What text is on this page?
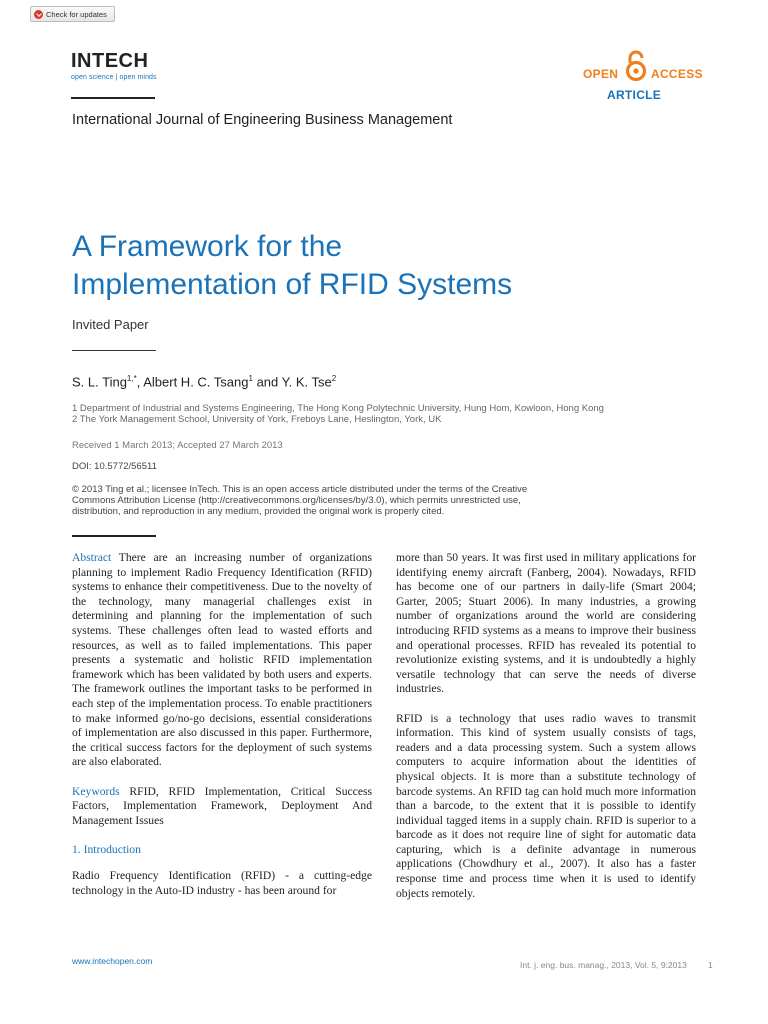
Check for updates
INTECH
open science | open minds	OPEN	ACCESS
ARTICLE
International Journal of Engineering Business Management
A Framework for the
Implementation of RFID Systems
Invited Paper
S. L. Ting$^{1,*}$, Albert H. C. Tsang$^1$ and Y. K. Tse$^2$
1 Department of Industrial and Systems Engineering, The Hong Kong Polytechnic University, Hung Hom, Kowloon, Hong Kong
2 The York Management School, University of York, Freboys Lane, Heslington, York, UK
Received 1 March 2013; Accepted 27 March 2013
DOI: 10.5772/56511
© 2013 Ting et al.; licensee InTech. This is an open access article distributed under the terms of the Creative
Commons Attribution License (http://creativecommons.org/licenses/by/3.0), which permits unrestricted use,
distribution, and reproduction in any medium, provided the original work is properly cited.

Abstract There are an increasing number of organizations planning to implement Radio Frequency Identification (RFID) systems to enhance their competitiveness. Due to the novelty of the technology, many managerial challenges exist in determining and planning for the implementation of such systems. These challenges often lead to wasted efforts and resources, as well as to failed implementations. This paper presents a systematic and holistic RFID implementation framework which has been validated by both users and experts. The framework outlines the important tasks to be performed in each step of the implementation process. To enable practitioners to make informed go/no-go decisions, essential considerations of implementation are also discussed in this paper. Furthermore, the critical success factors for the deployment of such systems are also elaborated.

Keywords RFID, RFID Implementation, Critical Success Factors, Implementation Framework, Deployment And Management Issues

1. Introduction

Radio Frequency Identification (RFID) - a cutting-edge technology in the Auto-ID industry - has been around for

more than 50 years. It was first used in military applications for identifying enemy aircraft (Fanberg, 2004). Nowadays, RFID has become one of our partners in daily-life (Smart 2004; Garter, 2005; Stuart 2006). In many industries, a growing number of organizations around the world are considering introducing RFID systems as a means to improve their business and operational processes. RFID has revealed its potential to revolutionize existing systems, and it is undoubtedly a highly versatile technology that can serve the needs of diverse industries.

RFID is a technology that uses radio waves to transmit information. This kind of system usually consists of tags, readers and a data processing system. Such a system allows computers to acquire information about the identities of physical objects. It is more than a substitute technology of barcode systems. An RFID tag can hold much more information than a barcode, to the extent that it is possible to identify individual tagged items in a supply chain. RFID is superior to a barcode as it does not require line of sight for automatic data capturing, which is a definite advantage in numerous applications (Chowdhury et al., 2007). It also has a faster response time and process time when it is used to identify objects remotely.

www.intechopen.com	Int. j. eng. bus. manag., 2013, Vol. 5, 9:2013 1
